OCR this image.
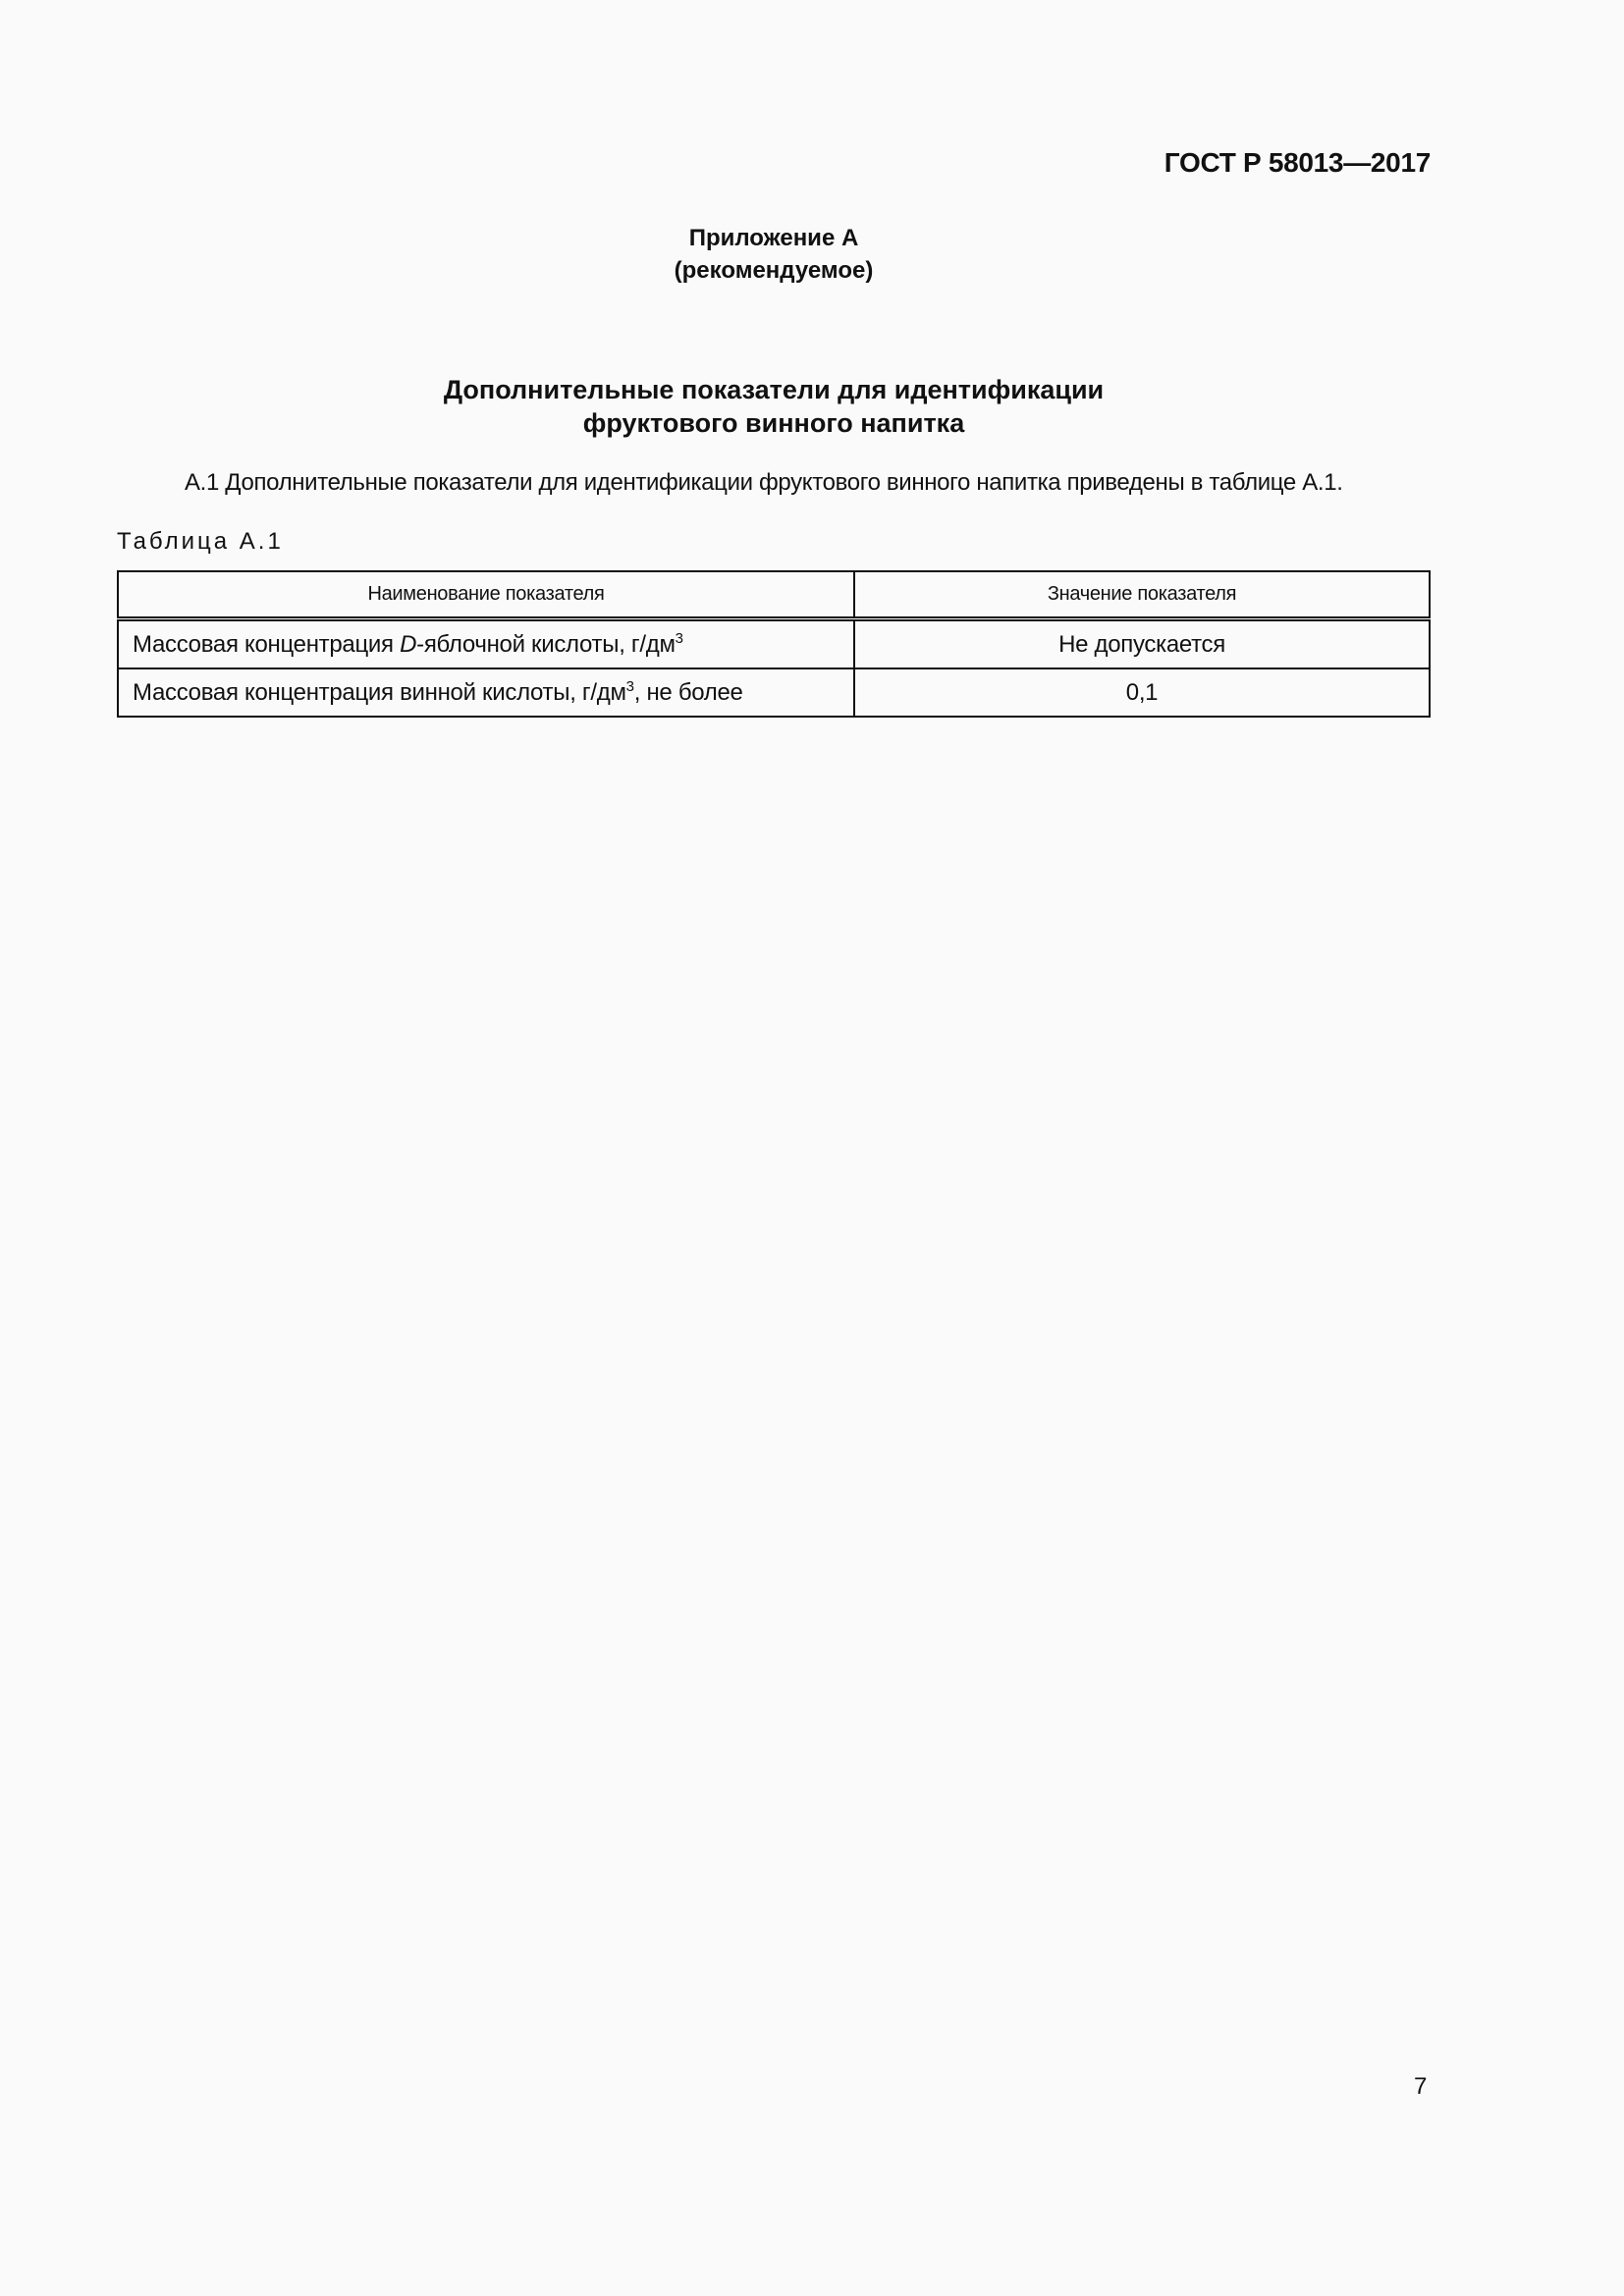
ГОСТ Р 58013—2017
Приложение А
(рекомендуемое)
Дополнительные показатели для идентификации
фруктового винного напитка
А.1 Дополнительные показатели для идентификации фруктового винного напитка приведены в таблице А.1.
Таблица А.1
Наименование показателя	Значение показателя
Массовая концентрация D-яблочной кислоты, $г/дм^3$	Не допускается
Массовая концентрация винной кислоты, $г/дм^3$, не более	0,1
7
